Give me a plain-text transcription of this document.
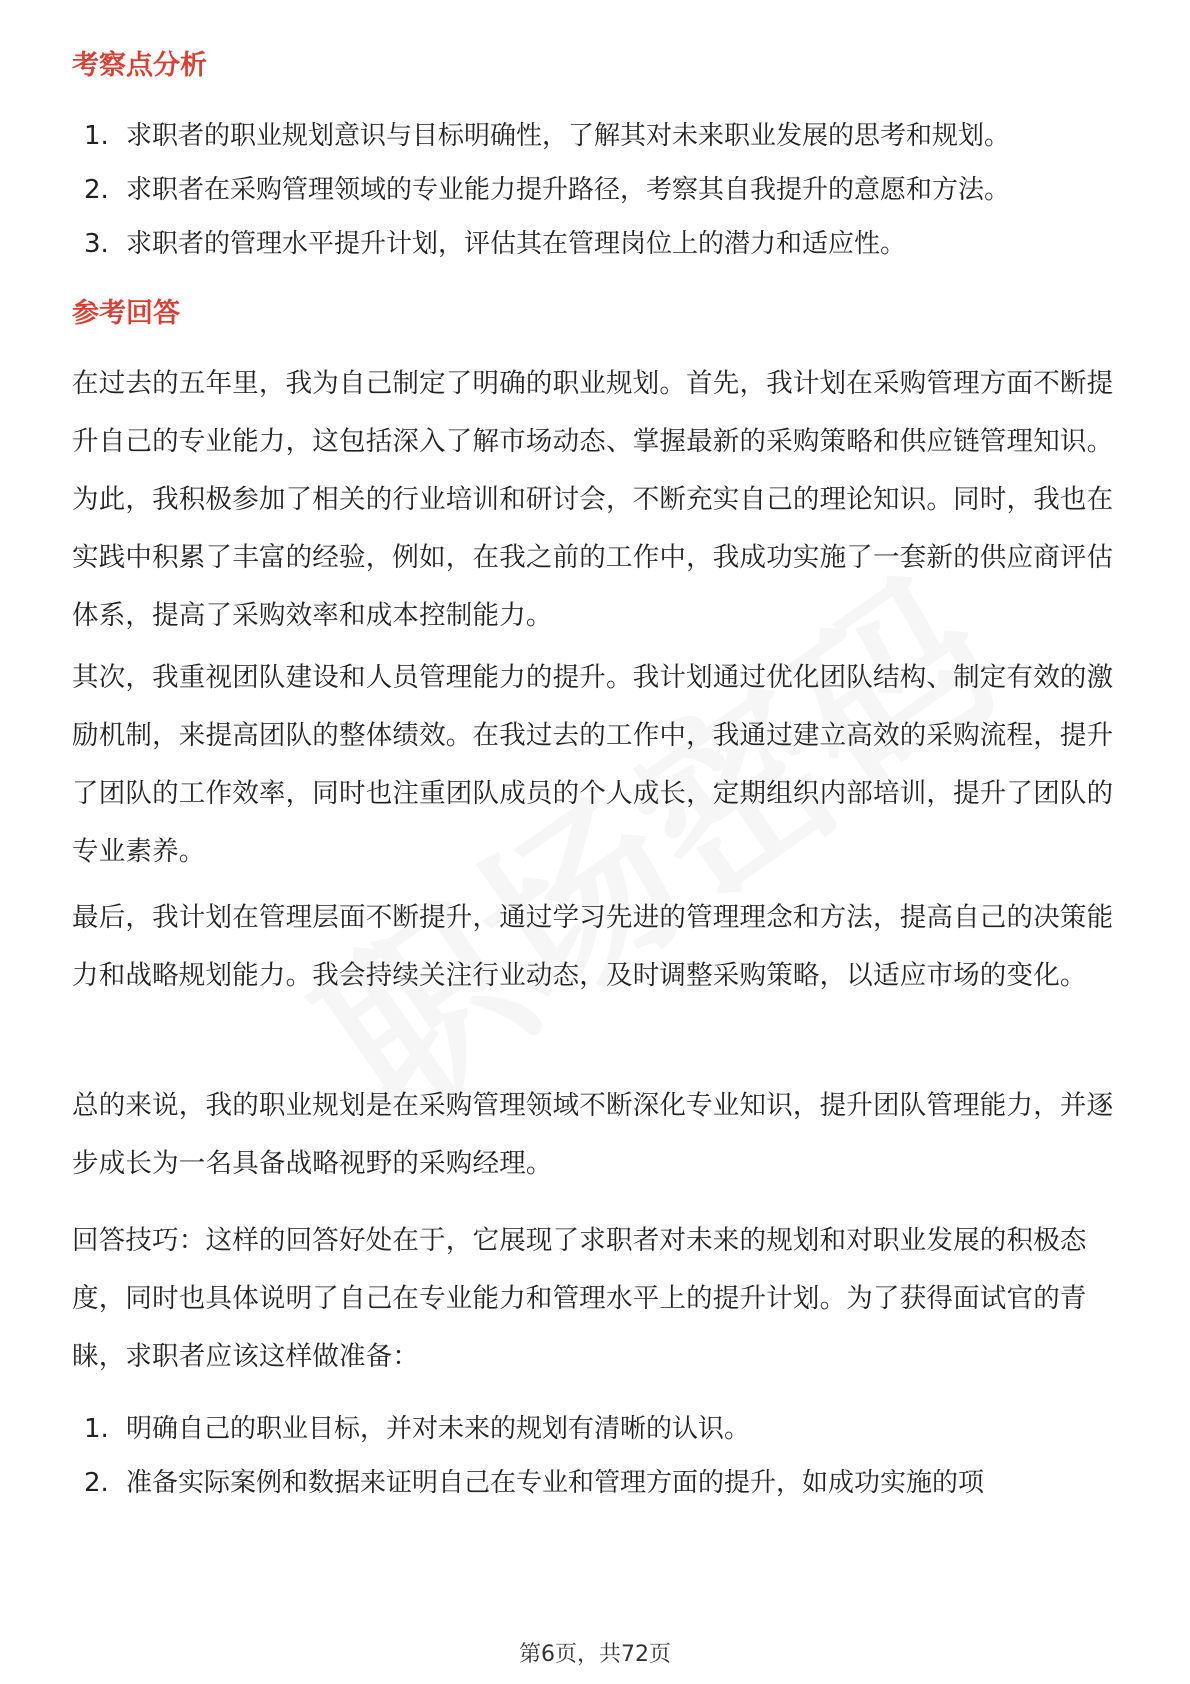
考察点分析
1. 求职者的职业规划意识与目标明确性，了解其对未来职业发展的思考和规划。
2. 求职者在采购管理领域的专业能力提升路径，考察其自我提升的意愿和方法。
3. 求职者的管理水平提升计划，评估其在管理岗位上的潜力和适应性。
参考回答

在过去的五年里，我为自己制定了明确的职业规划。首先，我计划在采购管理方面不断提升自己的专业能力，这包括深入了解市场动态、掌握最新的采购策略和供应链管理知识。为此，我积极参加了相关的行业培训和研讨会，不断充实自己的理论知识。同时，我也在实践中积累了丰富的经验，例如，在我之前的工作中，我成功实施了一套新的供应商评估体系，提高了采购效率和成本控制能力。

其次，我重视团队建设和人员管理能力的提升。我计划通过优化团队结构、制定有效的激励机制，来提高团队的整体绩效。在我过去的工作中，我通过建立高效的采购流程，提升了团队的工作效率，同时也注重团队成员的个人成长，定期组织内部培训，提升了团队的专业素养。

最后，我计划在管理层面不断提升，通过学习先进的管理理念和方法，提高自己的决策能力和战略规划能力。我会持续关注行业动态，及时调整采购策略，以适应市场的变化。

总的来说，我的职业规划是在采购管理领域不断深化专业知识，提升团队管理能力，并逐步成长为一名具备战略视野的采购经理。

回答技巧：这样的回答好处在于，它展现了求职者对未来的规划和对职业发展的积极态度，同时也具体说明了自己在专业能力和管理水平上的提升计划。为了获得面试官的青睐，求职者应该这样做准备：

1. 明确自己的职业目标，并对未来的规划有清晰的认识。
2. 准备实际案例和数据来证明自己在专业和管理方面的提升，如成功实施的项
第6页，共72页
